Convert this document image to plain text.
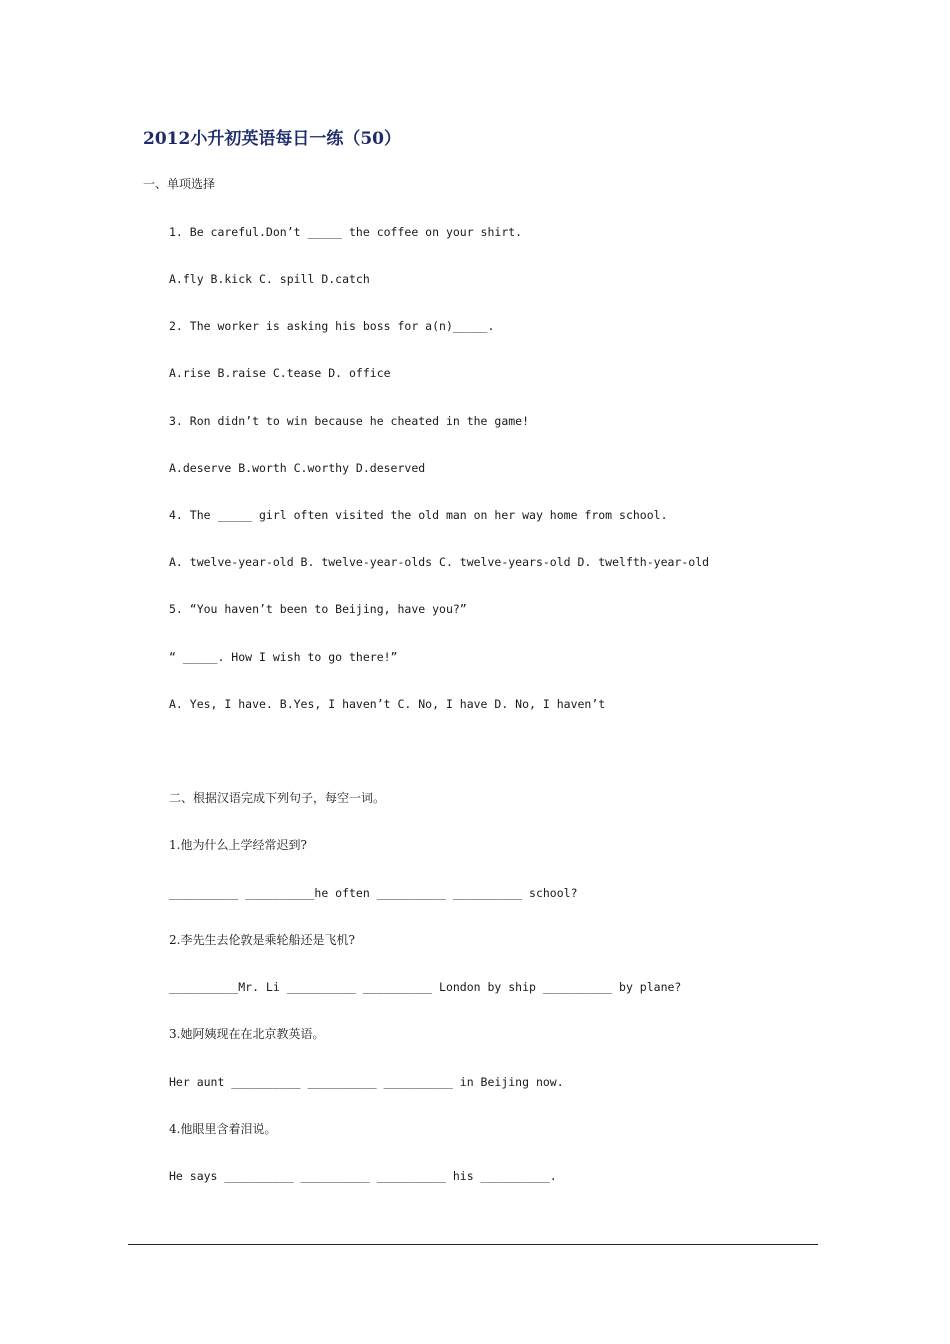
2012小升初英语每日一练（50）
一、单项选择
1. Be careful.Don’t _____ the coffee on your shirt.
A.fly B.kick C. spill D.catch
2. The worker is asking his boss for a(n)_____.
A.rise B.raise C.tease D. office
3. Ron didn’t to win because he cheated in the game!
A.deserve B.worth C.worthy D.deserved
4. The _____ girl often visited the old man on her way home from school.
A. twelve-year-old B. twelve-year-olds C. twelve-years-old D. twelfth-year-old
5. “You haven’t been to Beijing, have you?”
“ _____. How I wish to go there!”
A. Yes, I have. B.Yes, I haven’t C. No, I have D. No, I haven’t
二、根据汉语完成下列句子，每空一词。
1.他为什么上学经常迟到?
__________ __________he often __________ __________ school?
2.李先生去伦敦是乘轮船还是飞机?
__________Mr. Li __________ __________ London by ship __________ by plane?
3.她阿姨现在在北京教英语。
Her aunt __________ __________ __________ in Beijing now.
4.他眼里含着泪说。
He says __________ __________ __________ his __________.
